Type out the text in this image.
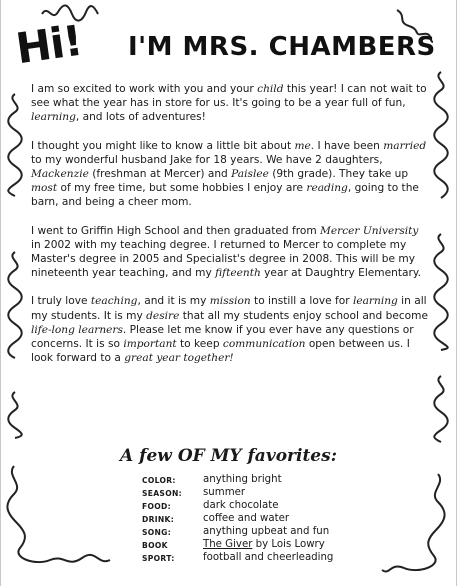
Hi! I'M MRS. CHAMBERS

I am so excited to work with you and your child this year! I can not wait to see what the year has in store for us. It's going to be a year full of fun, learning, and lots of adventures!

I thought you might like to know a little bit about me. I have been married to my wonderful husband Jake for 18 years. We have 2 daughters, Mackenzie (freshman at Mercer) and Paislee (9th grade). They take up most of my free time, but some hobbies I enjoy are reading, going to the barn, and being a cheer mom.

I went to Griffin High School and then graduated from Mercer University in 2002 with my teaching degree. I returned to Mercer to complete my Master's degree in 2005 and Specialist's degree in 2008. This will be my nineteenth year teaching, and my fifteenth year at Daughtry Elementary.

I truly love teaching, and it is my mission to instill a love for learning in all my students. It is my desire that all my students enjoy school and become life-long learners. Please let me know if you ever have any questions or concerns. It is so important to keep communication open between us. I look forward to a great year together!

A few OF MY favorites:
COLOR:	anything bright
SEASON:	summer
FOOD:	dark chocolate
DRINK:	coffee and water
SONG:	anything upbeat and fun
BOOK	The Giver by Lois Lowry
SPORT:	football and cheerleading
